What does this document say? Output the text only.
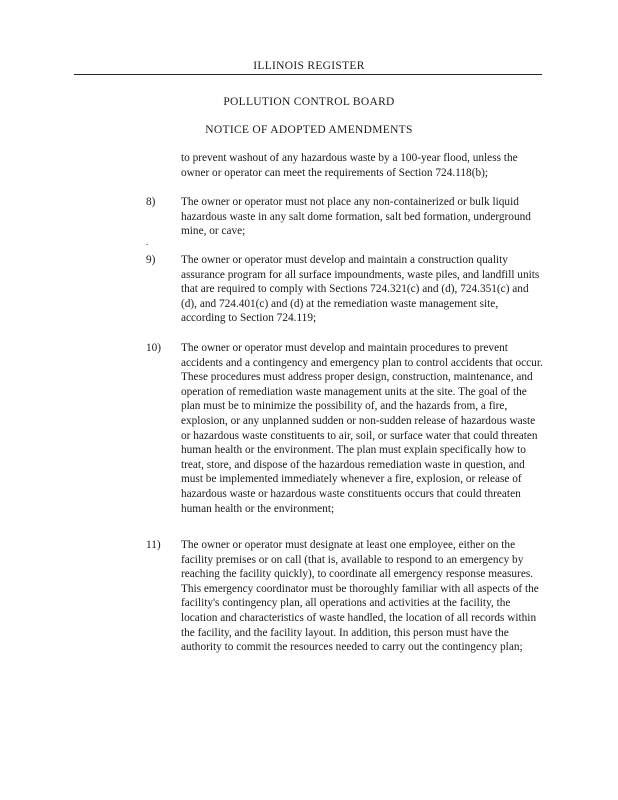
ILLINOIS REGISTER
POLLUTION CONTROL BOARD
NOTICE OF ADOPTED AMENDMENTS
to prevent washout of any hazardous waste by a 100-year flood, unless the owner or operator can meet the requirements of Section 724.118(b);
8) The owner or operator must not place any non-containerized or bulk liquid hazardous waste in any salt dome formation, salt bed formation, underground mine, or cave;
.
9) The owner or operator must develop and maintain a construction quality assurance program for all surface impoundments, waste piles, and landfill units that are required to comply with Sections 724.321(c) and (d), 724.351(c) and (d), and 724.401(c) and (d) at the remediation waste management site, according to Section 724.119;
10) The owner or operator must develop and maintain procedures to prevent accidents and a contingency and emergency plan to control accidents that occur. These procedures must address proper design, construction, maintenance, and operation of remediation waste management units at the site. The goal of the plan must be to minimize the possibility of, and the hazards from, a fire, explosion, or any unplanned sudden or non-sudden release of hazardous waste or hazardous waste constituents to air, soil, or surface water that could threaten human health or the environment. The plan must explain specifically how to treat, store, and dispose of the hazardous remediation waste in question, and must be implemented immediately whenever a fire, explosion, or release of hazardous waste or hazardous waste constituents occurs that could threaten human health or the environment;
11) The owner or operator must designate at least one employee, either on the facility premises or on call (that is, available to respond to an emergency by reaching the facility quickly), to coordinate all emergency response measures. This emergency coordinator must be thoroughly familiar with all aspects of the facility's contingency plan, all operations and activities at the facility, the location and characteristics of waste handled, the location of all records within the facility, and the facility layout. In addition, this person must have the authority to commit the resources needed to carry out the contingency plan;
